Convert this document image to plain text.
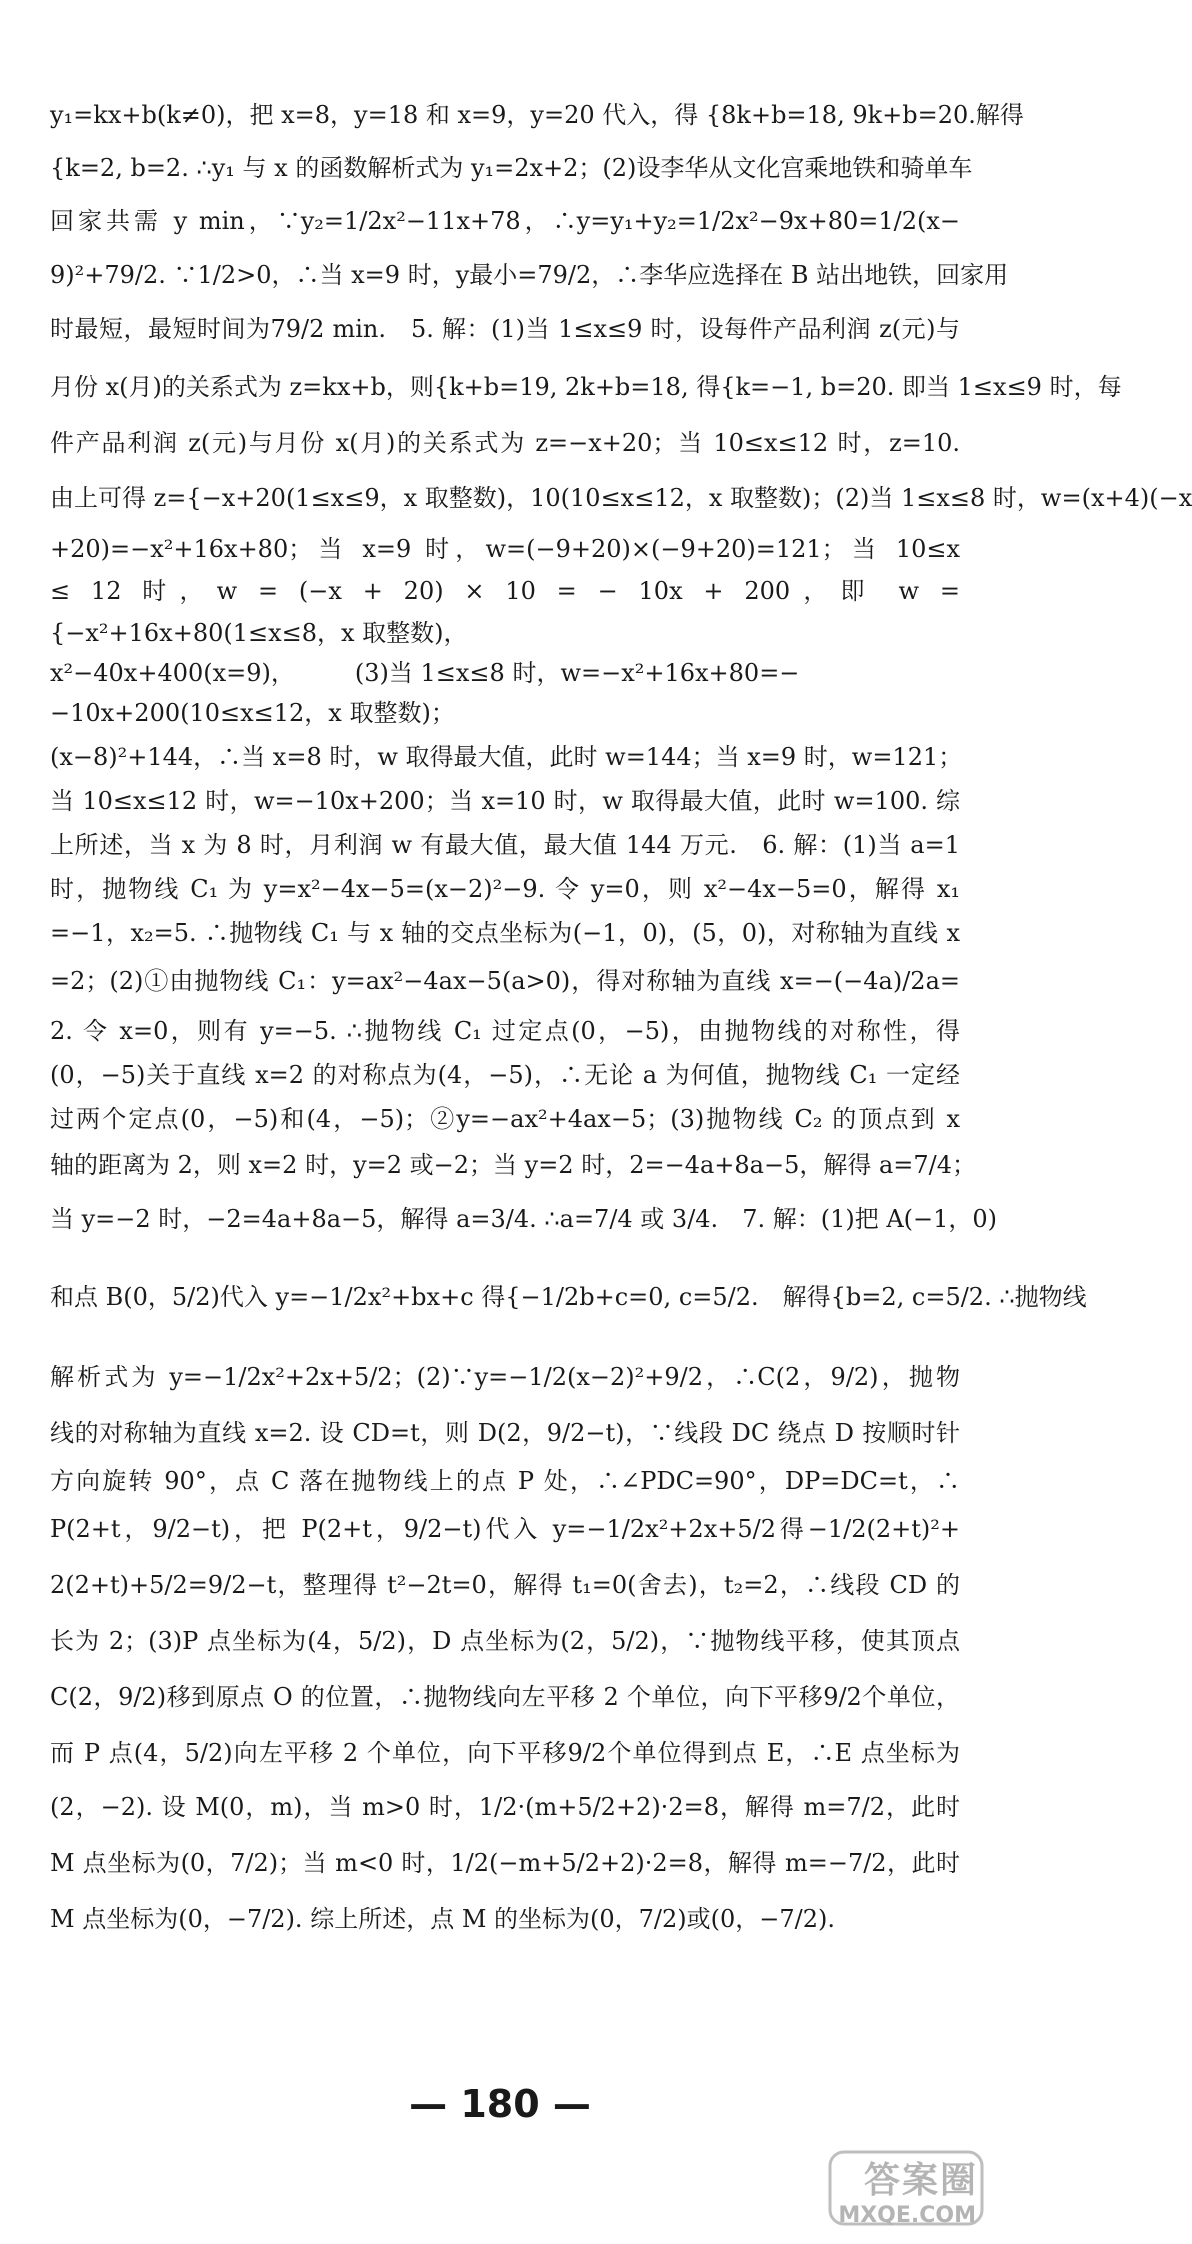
y₁=kx+b(k≠0)，把 x=8，y=18 和 x=9，y=20 代入，得 {8k+b=18, 9k+b=20.解得
{k=2, b=2. ∴y₁ 与 x 的函数解析式为 y₁=2x+2；(2)设李华从文化宫乘地铁和骑单车
回家共需 y min，∵y₂=1/2x²−11x+78，∴y=y₁+y₂=1/2x²−9x+80=1/2(x−
9)²+79/2. ∵1/2>0，∴当 x=9 时，y最小=79/2，∴李华应选择在 B 站出地铁，回家用
时最短，最短时间为79/2 min.　5. 解：(1)当 1≤x≤9 时，设每件产品利润 z(元)与
月份 x(月)的关系式为 z=kx+b，则{k+b=19, 2k+b=18, 得{k=−1, b=20. 即当 1≤x≤9 时，每
件产品利润 z(元)与月份 x(月)的关系式为 z=−x+20；当 10≤x≤12 时，z=10.
由上可得 z={−x+20(1≤x≤9，x 取整数)，10(10≤x≤12，x 取整数)；(2)当 1≤x≤8 时，w=(x+4)(−x
+20)=−x²+16x+80；当 x=9 时，w=(−9+20)×(−9+20)=121；当 10≤x
≤ 12 时，w = (−x + 20) × 10 = − 10x + 200，即 w =
{−x²+16x+80(1≤x≤8，x 取整数)，
x²−40x+400(x=9)，　　　(3)当 1≤x≤8 时，w=−x²+16x+80=−
−10x+200(10≤x≤12，x 取整数)；
(x−8)²+144，∴当 x=8 时，w 取得最大值，此时 w=144；当 x=9 时，w=121；
当 10≤x≤12 时，w=−10x+200；当 x=10 时，w 取得最大值，此时 w=100. 综
上所述，当 x 为 8 时，月利润 w 有最大值，最大值 144 万元.　6. 解：(1)当 a=1
时，抛物线 C₁ 为 y=x²−4x−5=(x−2)²−9. 令 y=0，则 x²−4x−5=0，解得 x₁
=−1，x₂=5. ∴抛物线 C₁ 与 x 轴的交点坐标为(−1，0)，(5，0)，对称轴为直线 x
=2；(2)①由抛物线 C₁：y=ax²−4ax−5(a>0)，得对称轴为直线 x=−(−4a)/2a=
2. 令 x=0，则有 y=−5. ∴抛物线 C₁ 过定点(0，−5)，由抛物线的对称性，得
(0，−5)关于直线 x=2 的对称点为(4，−5)，∴无论 a 为何值，抛物线 C₁ 一定经
过两个定点(0，−5)和(4，−5)；②y=−ax²+4ax−5；(3)抛物线 C₂ 的顶点到 x
轴的距离为 2，则 x=2 时，y=2 或−2；当 y=2 时，2=−4a+8a−5，解得 a=7/4；
当 y=−2 时，−2=4a+8a−5，解得 a=3/4. ∴a=7/4 或 3/4.　7. 解：(1)把 A(−1，0)
和点 B(0，5/2)代入 y=−1/2x²+bx+c 得{−1/2b+c=0, c=5/2.　解得{b=2, c=5/2. ∴抛物线
解析式为 y=−1/2x²+2x+5/2；(2)∵y=−1/2(x−2)²+9/2，∴C(2，9/2)，抛物
线的对称轴为直线 x=2. 设 CD=t，则 D(2，9/2−t)，∵线段 DC 绕点 D 按顺时针
方向旋转 90°，点 C 落在抛物线上的点 P 处，∴∠PDC=90°，DP=DC=t，∴
P(2+t，9/2−t)，把 P(2+t，9/2−t)代入 y=−1/2x²+2x+5/2得−1/2(2+t)²+
2(2+t)+5/2=9/2−t，整理得 t²−2t=0，解得 t₁=0(舍去)，t₂=2，∴线段 CD 的
长为 2；(3)P 点坐标为(4，5/2)，D 点坐标为(2，5/2)，∵抛物线平移，使其顶点
C(2，9/2)移到原点 O 的位置，∴抛物线向左平移 2 个单位，向下平移9/2个单位，
而 P 点(4，5/2)向左平移 2 个单位，向下平移9/2个单位得到点 E，∴E 点坐标为
(2，−2). 设 M(0，m)，当 m>0 时，1/2·(m+5/2+2)·2=8，解得 m=7/2，此时
M 点坐标为(0，7/2)；当 m<0 时，1/2(−m+5/2+2)·2=8，解得 m=−7/2，此时
M 点坐标为(0，−7/2). 综上所述，点 M 的坐标为(0，7/2)或(0，−7/2).
— 180 —
答案圈
MXQE.COM
